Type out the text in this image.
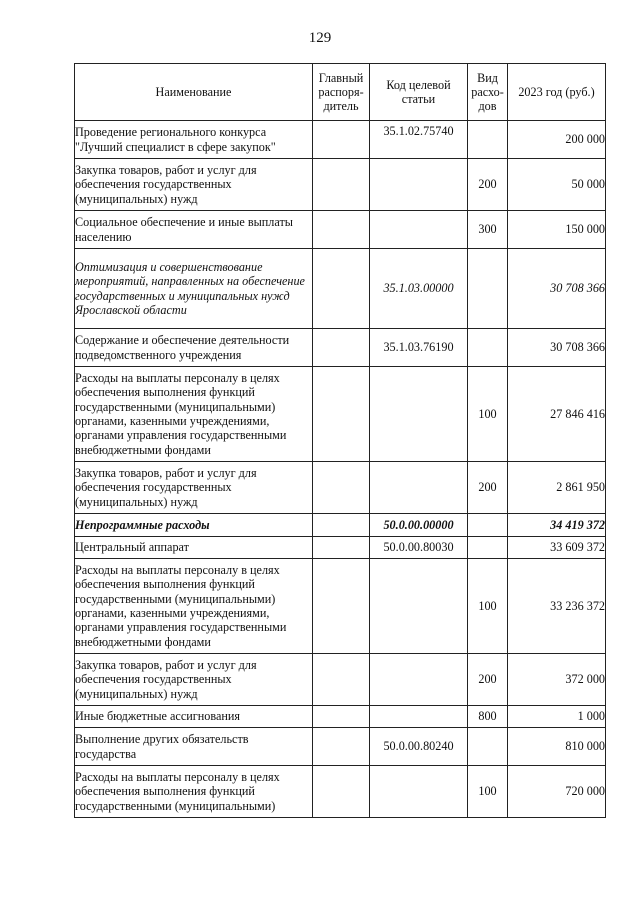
129
Наименование	Главный распоря-дитель	Код целевой статьи	Вид расхо-дов	2023 год (руб.)
Проведение регионального конкурса "Лучший специалист в сфере закупок"		35.1.02.75740		200 000
Закупка товаров, работ и услуг для обеспечения государственных (муниципальных) нужд			200	50 000
Социальное обеспечение и иные выплаты населению			300	150 000
Оптимизация и совершенствование мероприятий, направленных на обеспечение государственных и муниципальных нужд Ярославской области		35.1.03.00000		30 708 366
Содержание и обеспечение деятельности подведомственного учреждения		35.1.03.76190		30 708 366
Расходы на выплаты персоналу в целях обеспечения выполнения функций государственными (муниципальными) органами, казенными учреждениями, органами управления государственными внебюджетными фондами			100	27 846 416
Закупка товаров, работ и услуг для обеспечения государственных (муниципальных) нужд			200	2 861 950
Непрограммные расходы		50.0.00.00000		34 419 372
Центральный аппарат		50.0.00.80030		33 609 372
Расходы на выплаты персоналу в целях обеспечения выполнения функций государственными (муниципальными) органами, казенными учреждениями, органами управления государственными внебюджетными фондами			100	33 236 372
Закупка товаров, работ и услуг для обеспечения государственных (муниципальных) нужд			200	372 000
Иные бюджетные ассигнования			800	1 000
Выполнение других обязательств государства		50.0.00.80240		810 000
Расходы на выплаты персоналу в целях обеспечения выполнения функций государственными (муниципальными)			100	720 000
